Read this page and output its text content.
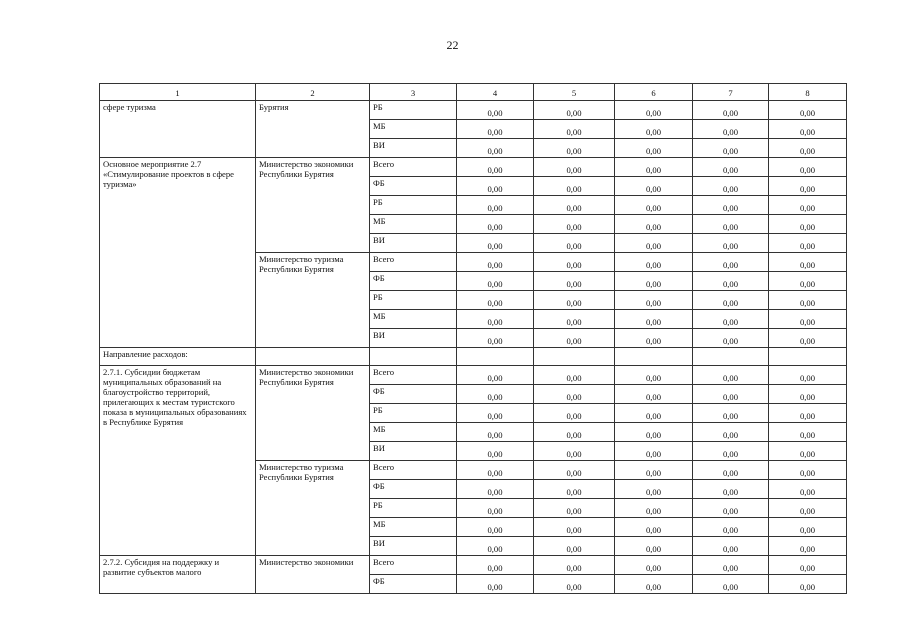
22
1	2	3	4	5	6	7	8
сфере туризма	Бурятия	РБ	0,00	0,00	0,00	0,00	0,00
		МБ	0,00	0,00	0,00	0,00	0,00
		ВИ	0,00	0,00	0,00	0,00	0,00
Основное мероприятие 2.7 «Стимулирование проектов в сфере туризма»	Министерство экономики Республики Бурятия	Всего	0,00	0,00	0,00	0,00	0,00
		ФБ	0,00	0,00	0,00	0,00	0,00
		РБ	0,00	0,00	0,00	0,00	0,00
		МБ	0,00	0,00	0,00	0,00	0,00
		ВИ	0,00	0,00	0,00	0,00	0,00
	Министерство туризма Республики Бурятия	Всего	0,00	0,00	0,00	0,00	0,00
		ФБ	0,00	0,00	0,00	0,00	0,00
		РБ	0,00	0,00	0,00	0,00	0,00
		МБ	0,00	0,00	0,00	0,00	0,00
		ВИ	0,00	0,00	0,00	0,00	0,00
Направление расходов:							
2.7.1. Субсидии бюджетам муниципальных образований на благоустройство территорий, прилегающих к местам туристского показа в муниципальных образованиях в Республике Бурятия	Министерство экономики Республики Бурятия	Всего	0,00	0,00	0,00	0,00	0,00
		ФБ	0,00	0,00	0,00	0,00	0,00
		РБ	0,00	0,00	0,00	0,00	0,00
		МБ	0,00	0,00	0,00	0,00	0,00
		ВИ	0,00	0,00	0,00	0,00	0,00
	Министерство туризма Республики Бурятия	Всего	0,00	0,00	0,00	0,00	0,00
		ФБ	0,00	0,00	0,00	0,00	0,00
		РБ	0,00	0,00	0,00	0,00	0,00
		МБ	0,00	0,00	0,00	0,00	0,00
		ВИ	0,00	0,00	0,00	0,00	0,00
2.7.2. Субсидия на поддержку и развитие субъектов малого	Министерство экономики	Всего	0,00	0,00	0,00	0,00	0,00
		ФБ	0,00	0,00	0,00	0,00	0,00
